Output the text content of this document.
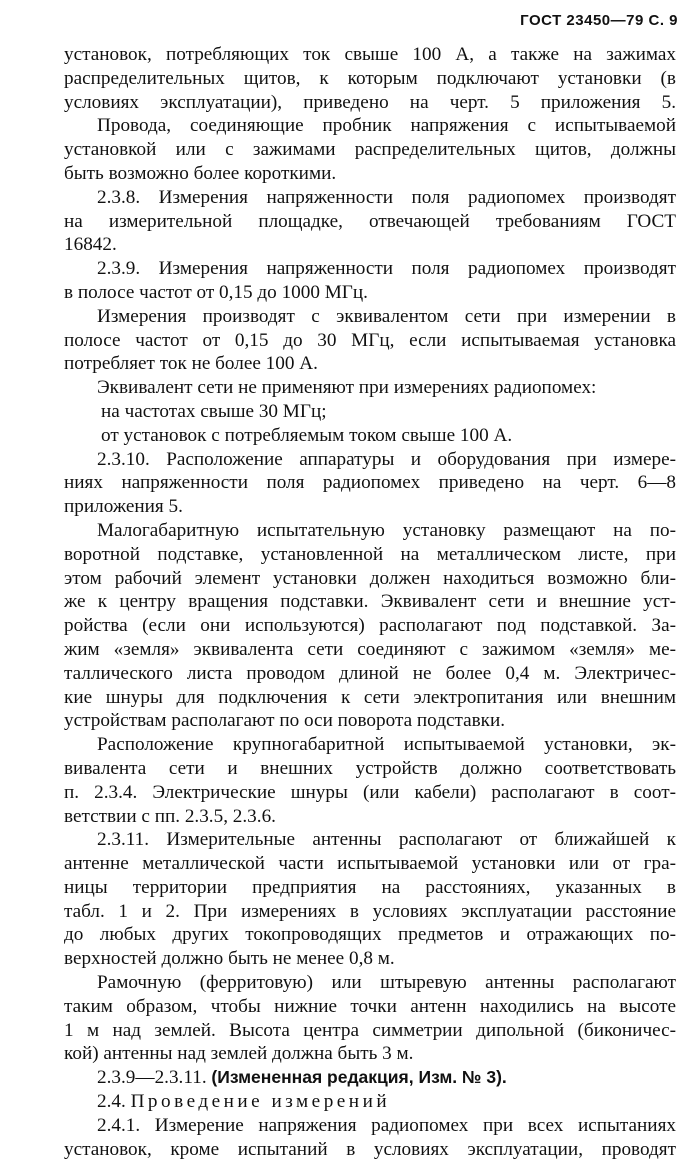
ГОСТ 23450—79 С. 9

установок, потребляющих ток свыше 100 А, а также на зажимах

распределительных щитов, к которым подключают установки (в

условиях эксплуатации), приведено на черт. 5 приложения 5.

Провода, соединяющие пробник напряжения с испытываемой

установкой или с зажимами распределительных щитов, должны

быть возможно более короткими.

2.3.8. Измерения напряженности поля радиопомех производят

на измерительной площадке, отвечающей требованиям ГОСТ

16842.

2.3.9. Измерения напряженности поля радиопомех производят

в полосе частот от 0,15 до 1000 МГц.

Измерения производят с эквивалентом сети при измерении в

полосе частот от 0,15 до 30 МГц, если испытываемая установка

потребляет ток не более 100 А.

Эквивалент сети не применяют при измерениях радиопомех:

на частотах свыше 30 МГц;

от установок с потребляемым током свыше 100 А.

2.3.10. Расположение аппаратуры и оборудования при измере-

ниях напряженности поля радиопомех приведено на черт. 6—8

приложения 5.

Малогабаритную испытательную установку размещают на по-

воротной подставке, установленной на металлическом листе, при

этом рабочий элемент установки должен находиться возможно бли-

же к центру вращения подставки. Эквивалент сети и внешние уст-

ройства (если они используются) располагают под подставкой. За-

жим «земля» эквивалента сети соединяют с зажимом «земля» ме-

таллического листа проводом длиной не более 0,4 м. Электричес-

кие шнуры для подключения к сети электропитания или внешним

устройствам располагают по оси поворота подставки.

Расположение крупногабаритной испытываемой установки, эк-

вивалента сети и внешних устройств должно соответствовать

п. 2.3.4. Электрические шнуры (или кабели) располагают в соот-

ветствии с пп. 2.3.5, 2.3.6.

2.3.11. Измерительные антенны располагают от ближайшей к

антенне металлической части испытываемой установки или от гра-

ницы территории предприятия на расстояниях, указанных в

табл. 1 и 2. При измерениях в условиях эксплуатации расстояние

до любых других токопроводящих предметов и отражающих по-

верхностей должно быть не менее 0,8 м.

Рамочную (ферритовую) или штыревую антенны располагают

таким образом, чтобы нижние точки антенн находились на высоте

1 м над землей. Высота центра симметрии дипольной (биконичес-

кой) антенны над землей должна быть 3 м.

2.3.9—2.3.11. (Измененная редакция, Изм. № 3).

2.4. Проведение измерений

2.4.1. Измерение напряжения радиопомех при всех испытаниях

установок, кроме испытаний в условиях эксплуатации, проводят
